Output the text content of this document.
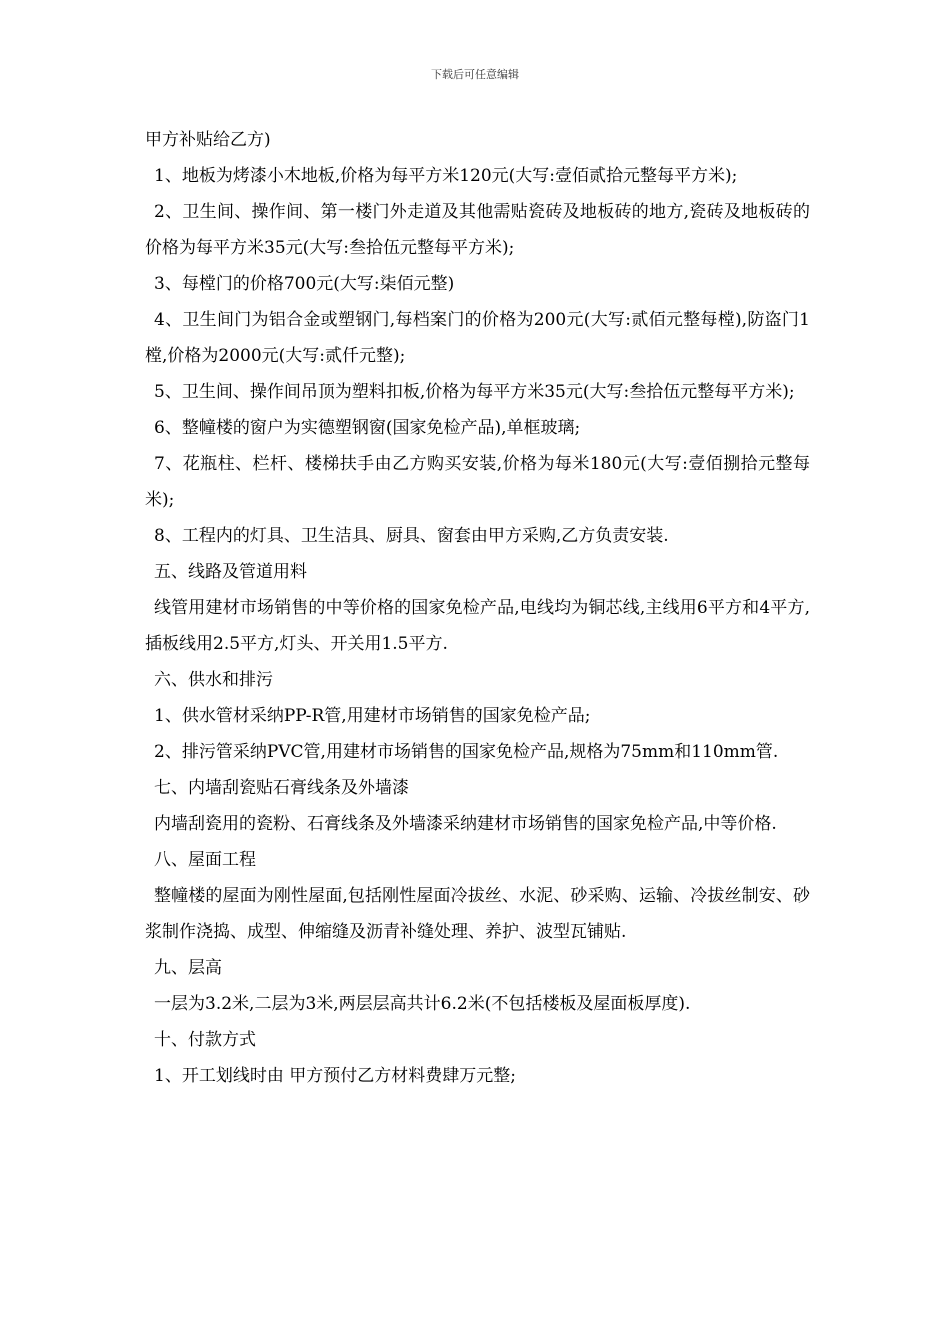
下载后可任意编辑

甲方补贴给乙方)

1、地板为烤漆小木地板,价格为每平方米120元(大写:壹佰贰拾元整每平方米);

2、卫生间、操作间、第一楼门外走道及其他需贴瓷砖及地板砖的地方,瓷砖及地板砖的价格为每平方米35元(大写:叁拾伍元整每平方米);

3、每樘门的价格700元(大写:柒佰元整)

4、卫生间门为铝合金或塑钢门,每档案门的价格为200元(大写:贰佰元整每樘),防盗门1樘,价格为2000元(大写:贰仟元整);

5、卫生间、操作间吊顶为塑料扣板,价格为每平方米35元(大写:叁拾伍元整每平方米);

6、整幢楼的窗户为实德塑钢窗(国家免检产品),单框玻璃;

7、花瓶柱、栏杆、楼梯扶手由乙方购买安装,价格为每米180元(大写:壹佰捌拾元整每米);

8、工程内的灯具、卫生洁具、厨具、窗套由甲方采购,乙方负责安装.

五、线路及管道用料

线管用建材市场销售的中等价格的国家免检产品,电线均为铜芯线,主线用6平方和4平方,插板线用2.5平方,灯头、开关用1.5平方.

六、供水和排污

1、供水管材采纳PP-R管,用建材市场销售的国家免检产品;

2、排污管采纳PVC管,用建材市场销售的国家免检产品,规格为75mm和110mm管.

七、内墙刮瓷贴石膏线条及外墙漆

内墙刮瓷用的瓷粉、石膏线条及外墙漆采纳建材市场销售的国家免检产品,中等价格.

八、屋面工程

整幢楼的屋面为刚性屋面,包括刚性屋面冷拔丝、水泥、砂采购、运输、冷拔丝制安、砂浆制作浇捣、成型、伸缩缝及沥青补缝处理、养护、波型瓦铺贴.

九、层高

一层为3.2米,二层为3米,两层层高共计6.2米(不包括楼板及屋面板厚度).

十、付款方式

1、开工划线时由 甲方预付乙方材料费肆万元整;
